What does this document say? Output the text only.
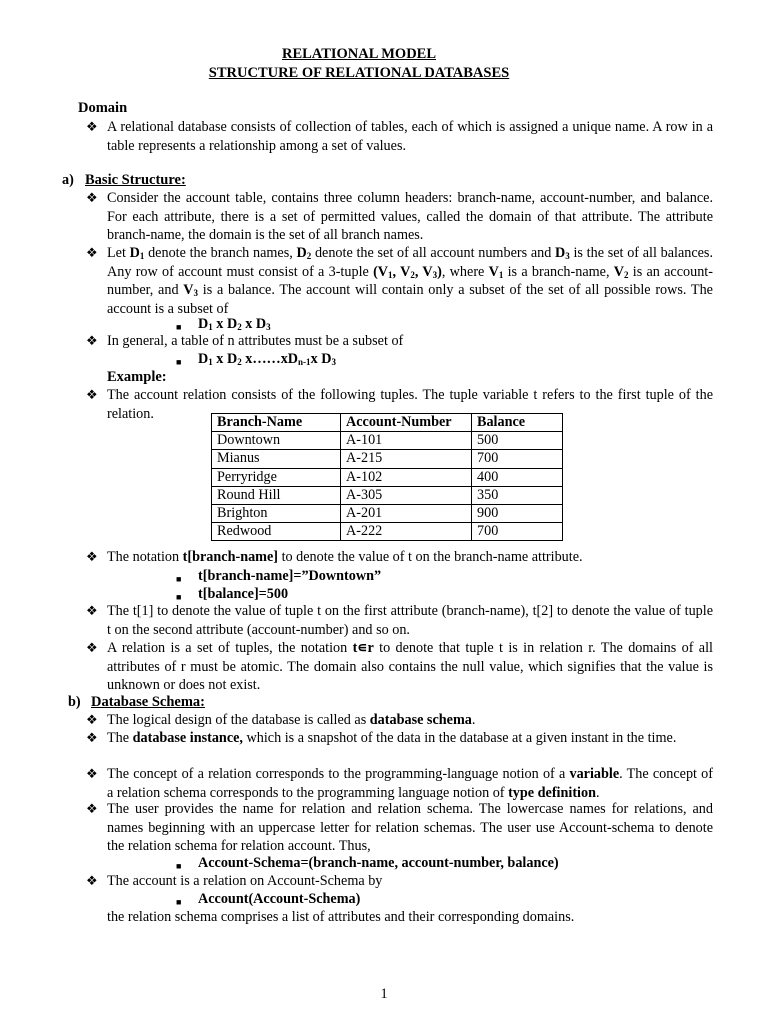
RELATIONAL MODEL
STRUCTURE OF RELATIONAL DATABASES
Domain
❖ A relational database consists of collection of tables, each of which is assigned a unique name. A row in a table represents a relationship among a set of values.
a) Basic Structure:
❖ Consider the account table, contains three column headers: branch-name, account-number, and balance. For each attribute, there is a set of permitted values, called the domain of that attribute. The attribute branch-name, the domain is the set of all branch names.
❖ Let $D_1$ denote the branch names, $D_2$ denote the set of all account numbers and $D_3$ is the set of all balances. Any row of account must consist of a 3-tuple ($V_1$, $V_2$, $V_3$), where $V_1$ is a branch-name, $V_2$ is an account-number, and $V_3$ is a balance. The account will contain only a subset of the set of all possible rows. The account is a subset of
■ $D_1$ x $D_2$ x $D_3$
❖ In general, a table of n attributes must be a subset of
■ $D_1$ x $D_2$ $x\dots\dots xD_{n-1}x$ $D_3$
Example:
❖ The account relation consists of the following tuples. The tuple variable t refers to the first tuple of the relation.
Branch-Name	Account-Number	Balance
Downtown	A-101	500
Mianus	A-215	700
Perryridge	A-102	400
Round Hill	A-305	350
Brighton	A-201	900
Redwood	A-222	700
❖ The notation t[branch-name] to denote the value of t on the branch-name attribute.
■ t[branch-name]=”Downtown”
■ t[balance]=500
❖ The t[1] to denote the value of tuple t on the first attribute (branch-name), t[2] to denote the value of tuple t on the second attribute (account-number) and so on.
❖ A relation is a set of tuples, the notation t∊r to denote that tuple t is in relation r. The domains of all attributes of r must be atomic. The domain also contains the null value, which signifies that the value is unknown or does not exist.
b) Database Schema:
❖ The logical design of the database is called as database schema.
❖ The database instance, which is a snapshot of the data in the database at a given instant in the time.
❖ The concept of a relation corresponds to the programming-language notion of a variable. The concept of a relation schema corresponds to the programming language notion of type definition.
❖ The user provides the name for relation and relation schema. The lowercase names for relations, and names beginning with an uppercase letter for relation schemas. The user use Account-schema to denote the relation schema for relation account. Thus,
■ Account-Schema=(branch-name, account-number, balance)
❖ The account is a relation on Account-Schema by
■ Account(Account-Schema)
the relation schema comprises a list of attributes and their corresponding domains.
1
